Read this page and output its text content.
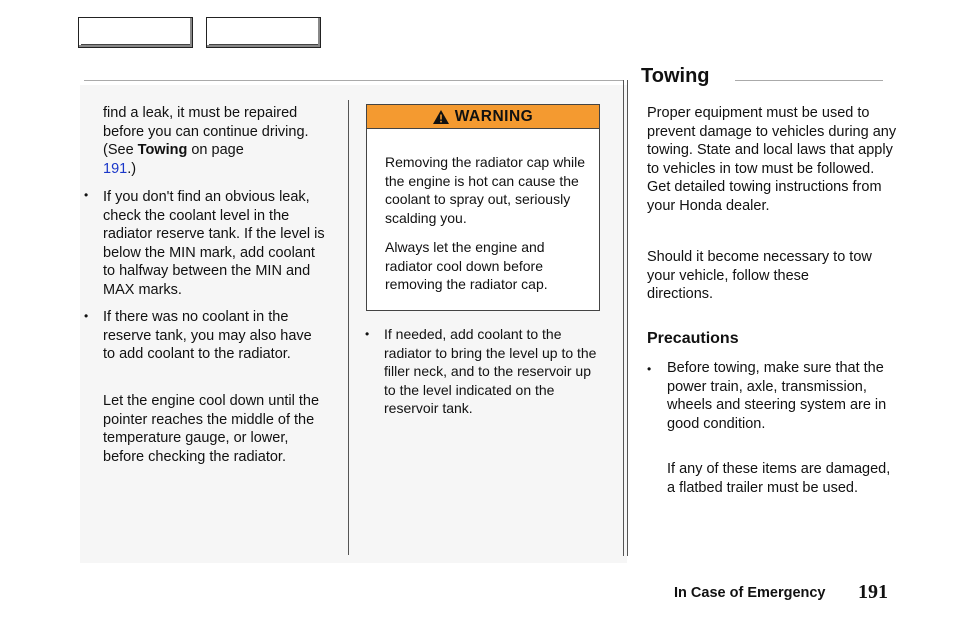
find a leak, it must be repaired before you can continue driving. (See Towing on page
191.)
• If you don't find an obvious leak, check the coolant level in the radiator reserve tank. If the level is below the MIN mark, add coolant to halfway between the MIN and MAX marks.
• If there was no coolant in the reserve tank, you may also have to add coolant to the radiator.
Let the engine cool down until the pointer reaches the middle of the temperature gauge, or lower, before checking the radiator.
WARNING
Removing the radiator cap while the engine is hot can cause the coolant to spray out, seriously scalding you.
Always let the engine and radiator cool down before removing the radiator cap.
• If needed, add coolant to the radiator to bring the level up to the filler neck, and to the reservoir up to the level indicated on the reservoir tank.
Towing
Proper equipment must be used to prevent damage to vehicles during any towing. State and local laws that apply to vehicles in tow must be followed. Get detailed towing instructions from your Honda dealer.
Should it become necessary to tow your vehicle, follow these directions.
Precautions
• Before towing, make sure that the power train, axle, transmission, wheels and steering system are in good condition.
If any of these items are damaged, a flatbed trailer must be used.
In Case of Emergency 191
